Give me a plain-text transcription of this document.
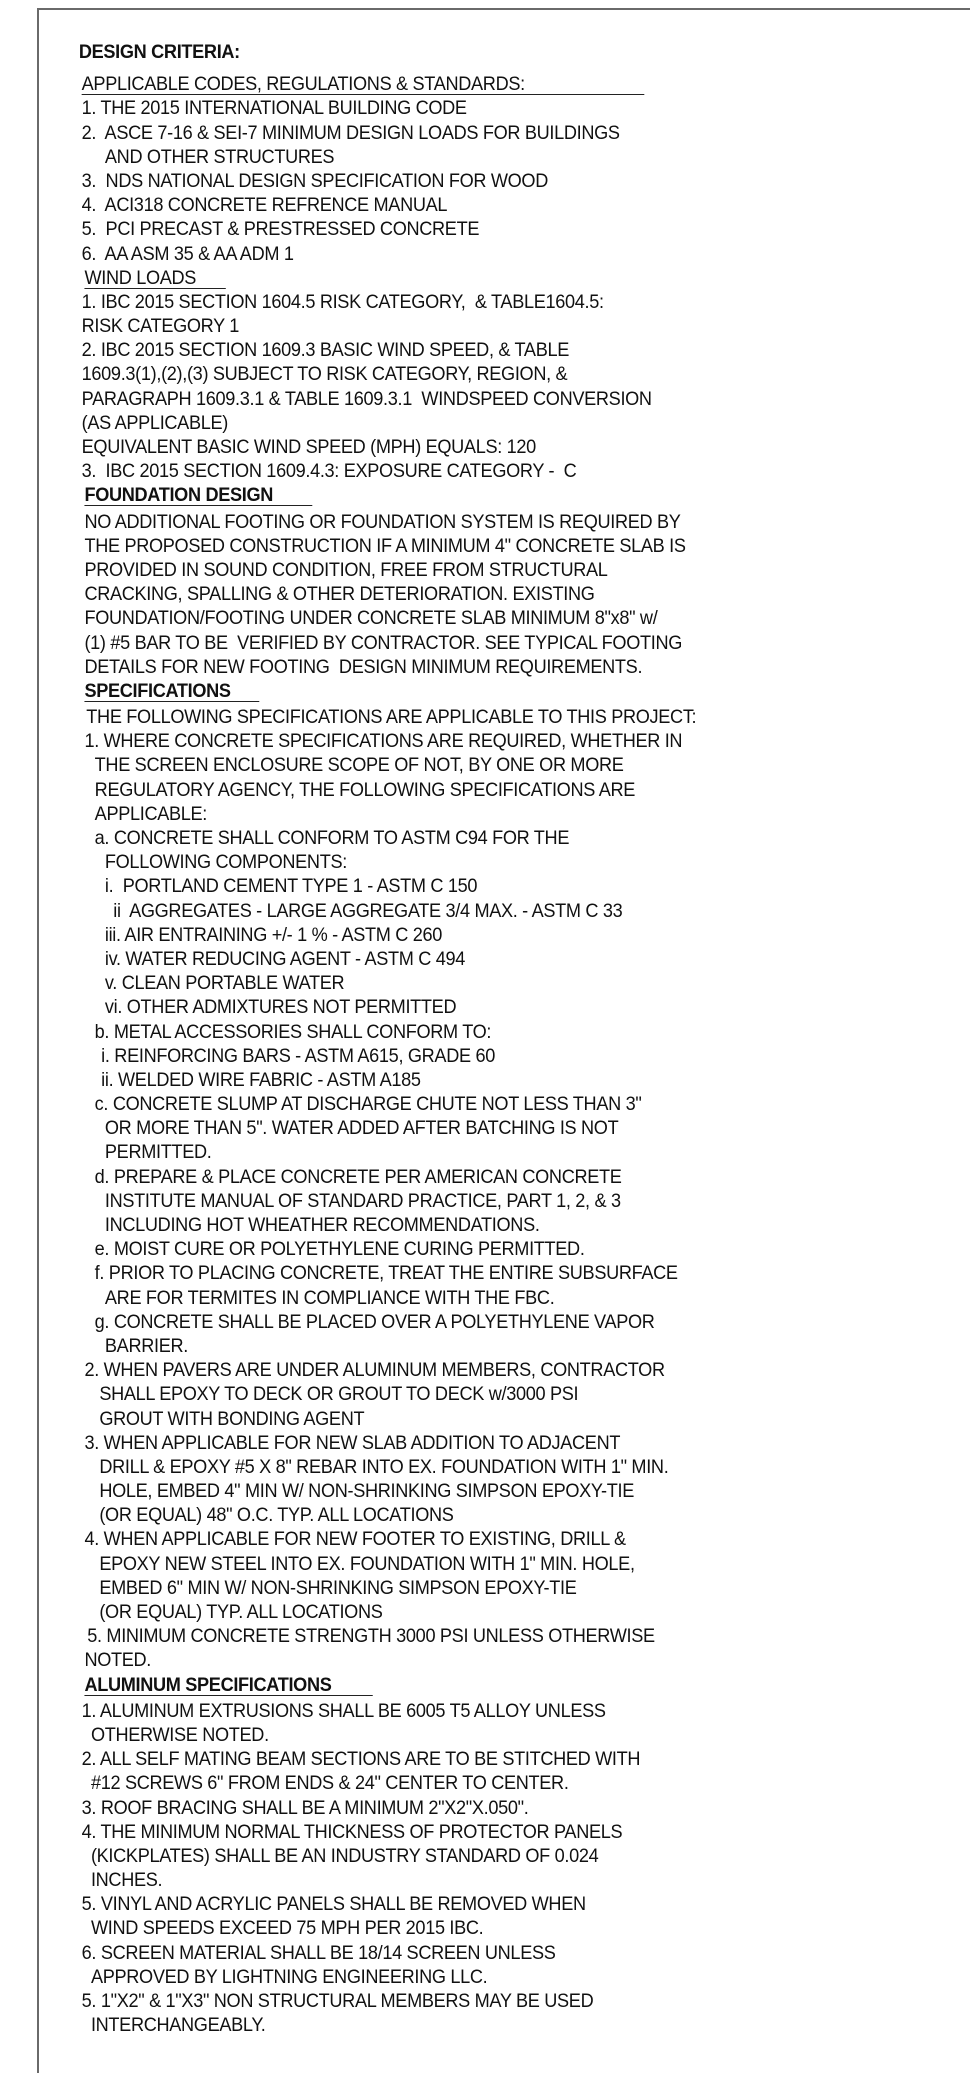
DESIGN CRITERIA:
APPLICABLE CODES, REGULATIONS & STANDARDS:
1. THE 2015 INTERNATIONAL BUILDING CODE
2.  ASCE 7-16 & SEI-7 MINIMUM DESIGN LOADS FOR BUILDINGS
AND OTHER STRUCTURES
3.  NDS NATIONAL DESIGN SPECIFICATION FOR WOOD
4.  ACI318 CONCRETE REFRENCE MANUAL
5.  PCI PRECAST & PRESTRESSED CONCRETE
6.  AA ASM 35 & AA ADM 1
WIND LOADS
1. IBC 2015 SECTION 1604.5 RISK CATEGORY,  & TABLE1604.5:
RISK CATEGORY 1
2. IBC 2015 SECTION 1609.3 BASIC WIND SPEED, & TABLE
1609.3(1),(2),(3) SUBJECT TO RISK CATEGORY, REGION, &
PARAGRAPH 1609.3.1 & TABLE 1609.3.1  WINDSPEED CONVERSION
(AS APPLICABLE)
EQUIVALENT BASIC WIND SPEED (MPH) EQUALS: 120
3.  IBC 2015 SECTION 1609.4.3: EXPOSURE CATEGORY -  C
FOUNDATION DESIGN
NO ADDITIONAL FOOTING OR FOUNDATION SYSTEM IS REQUIRED BY
THE PROPOSED CONSTRUCTION IF A MINIMUM 4" CONCRETE SLAB IS
PROVIDED IN SOUND CONDITION, FREE FROM STRUCTURAL
CRACKING, SPALLING & OTHER DETERIORATION. EXISTING
FOUNDATION/FOOTING UNDER CONCRETE SLAB MINIMUM 8"x8" w/
(1) #5 BAR TO BE  VERIFIED BY CONTRACTOR. SEE TYPICAL FOOTING
DETAILS FOR NEW FOOTING  DESIGN MINIMUM REQUIREMENTS.
SPECIFICATIONS
THE FOLLOWING SPECIFICATIONS ARE APPLICABLE TO THIS PROJECT:
1. WHERE CONCRETE SPECIFICATIONS ARE REQUIRED, WHETHER IN
THE SCREEN ENCLOSURE SCOPE OF NOT, BY ONE OR MORE
REGULATORY AGENCY, THE FOLLOWING SPECIFICATIONS ARE
APPLICABLE:
a. CONCRETE SHALL CONFORM TO ASTM C94 FOR THE
FOLLOWING COMPONENTS:
i.  PORTLAND CEMENT TYPE 1 - ASTM C 150
ii  AGGREGATES - LARGE AGGREGATE 3/4 MAX. - ASTM C 33
iii. AIR ENTRAINING +/- 1 % - ASTM C 260
iv. WATER REDUCING AGENT - ASTM C 494
v. CLEAN PORTABLE WATER
vi. OTHER ADMIXTURES NOT PERMITTED
b. METAL ACCESSORIES SHALL CONFORM TO:
i. REINFORCING BARS - ASTM A615, GRADE 60
ii. WELDED WIRE FABRIC - ASTM A185
c. CONCRETE SLUMP AT DISCHARGE CHUTE NOT LESS THAN 3"
OR MORE THAN 5". WATER ADDED AFTER BATCHING IS NOT
PERMITTED.
d. PREPARE & PLACE CONCRETE PER AMERICAN CONCRETE
INSTITUTE MANUAL OF STANDARD PRACTICE, PART 1, 2, & 3
INCLUDING HOT WHEATHER RECOMMENDATIONS.
e. MOIST CURE OR POLYETHYLENE CURING PERMITTED.
f. PRIOR TO PLACING CONCRETE, TREAT THE ENTIRE SUBSURFACE
ARE FOR TERMITES IN COMPLIANCE WITH THE FBC.
g. CONCRETE SHALL BE PLACED OVER A POLYETHYLENE VAPOR
BARRIER.
2. WHEN PAVERS ARE UNDER ALUMINUM MEMBERS, CONTRACTOR
SHALL EPOXY TO DECK OR GROUT TO DECK w/3000 PSI
GROUT WITH BONDING AGENT
3. WHEN APPLICABLE FOR NEW SLAB ADDITION TO ADJACENT
DRILL & EPOXY #5 X 8" REBAR INTO EX. FOUNDATION WITH 1" MIN.
HOLE, EMBED 4" MIN W/ NON-SHRINKING SIMPSON EPOXY-TIE
(OR EQUAL) 48" O.C. TYP. ALL LOCATIONS
4. WHEN APPLICABLE FOR NEW FOOTER TO EXISTING, DRILL &
EPOXY NEW STEEL INTO EX. FOUNDATION WITH 1" MIN. HOLE,
EMBED 6" MIN W/ NON-SHRINKING SIMPSON EPOXY-TIE
(OR EQUAL) TYP. ALL LOCATIONS
5. MINIMUM CONCRETE STRENGTH 3000 PSI UNLESS OTHERWISE
NOTED.
ALUMINUM SPECIFICATIONS
1. ALUMINUM EXTRUSIONS SHALL BE 6005 T5 ALLOY UNLESS
OTHERWISE NOTED.
2. ALL SELF MATING BEAM SECTIONS ARE TO BE STITCHED WITH
#12 SCREWS 6" FROM ENDS & 24" CENTER TO CENTER.
3. ROOF BRACING SHALL BE A MINIMUM 2"X2"X.050".
4. THE MINIMUM NORMAL THICKNESS OF PROTECTOR PANELS
(KICKPLATES) SHALL BE AN INDUSTRY STANDARD OF 0.024
INCHES.
5. VINYL AND ACRYLIC PANELS SHALL BE REMOVED WHEN
WIND SPEEDS EXCEED 75 MPH PER 2015 IBC.
6. SCREEN MATERIAL SHALL BE 18/14 SCREEN UNLESS
APPROVED BY LIGHTNING ENGINEERING LLC.
5. 1"X2" & 1"X3" NON STRUCTURAL MEMBERS MAY BE USED
INTERCHANGEABLY.
